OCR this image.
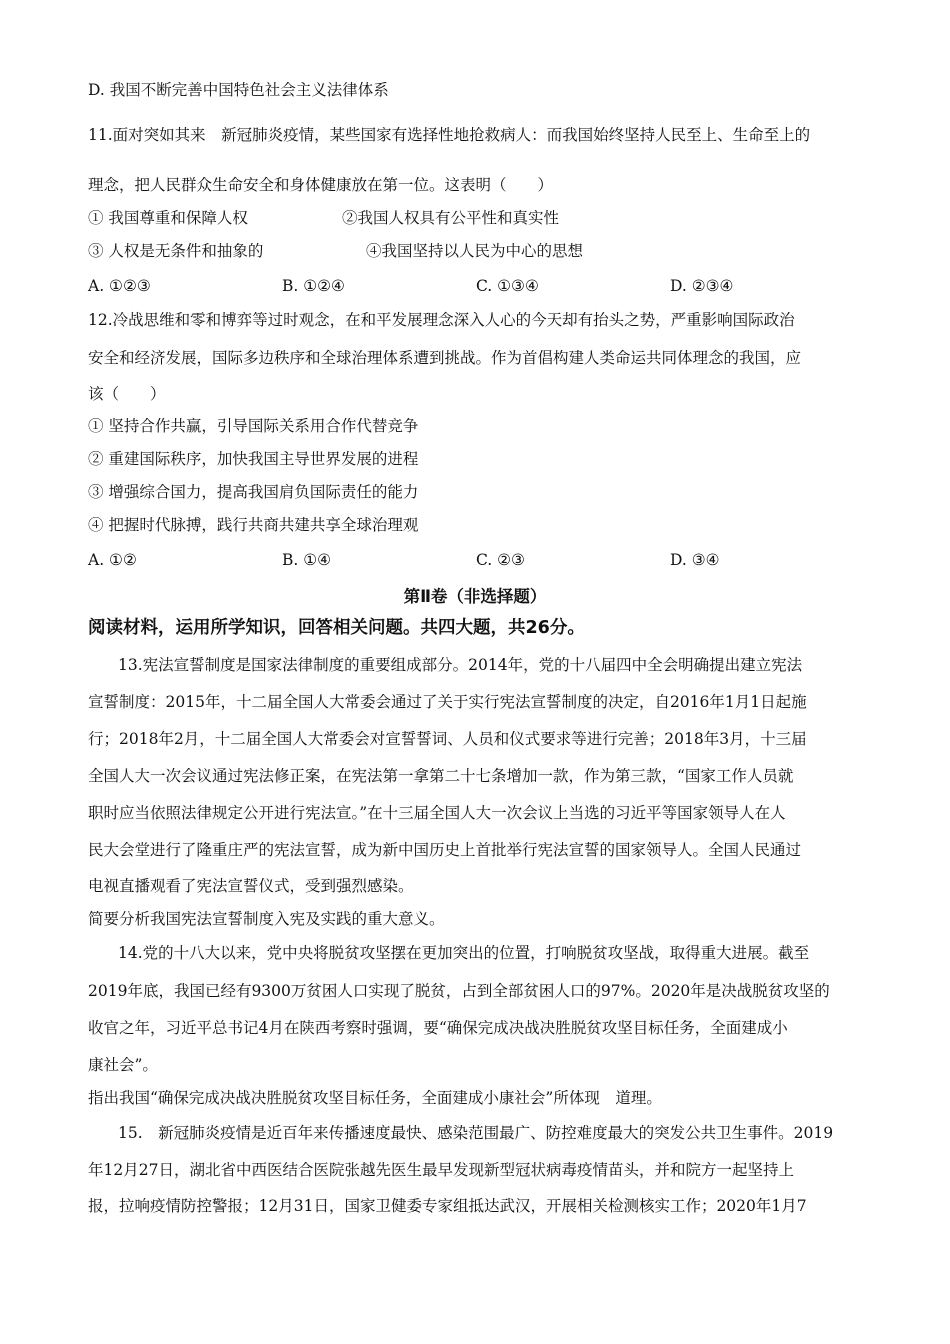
D. 我国不断完善中国特色社会主义法律体系
11.面对突如其来　新冠肺炎疫情，某些国家有选择性地抢救病人：而我国始终坚持人民至上、生命至上的
理念，把人民群众生命安全和身体健康放在第一位。这表明（　　）
① 我国尊重和保障人权	②我国人权具有公平性和真实性
③ 人权是无条件和抽象的	④我国坚持以人民为中心的思想
A. ①②③	B. ①②④	C. ①③④	D. ②③④
12.冷战思维和零和博弈等过时观念，在和平发展理念深入人心的今天却有抬头之势，严重影响国际政治
安全和经济发展，国际多边秩序和全球治理体系遭到挑战。作为首倡构建人类命运共同体理念的我国，应
该（　　）
① 坚持合作共赢，引导国际关系用合作代替竞争
② 重建国际秩序，加快我国主导世界发展的进程
③ 增强综合国力，提高我国肩负国际责任的能力
④ 把握时代脉搏，践行共商共建共享全球治理观
A. ①②	B. ①④	C. ②③	D. ③④
第Ⅱ卷（非选择题）
阅读材料，运用所学知识，回答相关问题。共四大题，共26分。
13.宪法宣誓制度是国家法律制度的重要组成部分。2014年，党的十八届四中全会明确提出建立宪法
宣誓制度：2015年，十二届全国人大常委会通过了关于实行宪法宣誓制度的决定，自2016年1月1日起施
行；2018年2月，十二届全国人大常委会对宣誓誓词、人员和仪式要求等进行完善；2018年3月，十三届
全国人大一次会议通过宪法修正案，在宪法第一拿第二十七条增加一款，作为第三款，“国家工作人员就
职时应当依照法律规定公开进行宪法宣。”在十三届全国人大一次会议上当选的习近平等国家领导人在人
民大会堂进行了隆重庄严的宪法宣誓，成为新中国历史上首批举行宪法宣誓的国家领导人。全国人民通过
电视直播观看了宪法宣誓仪式，受到强烈感染。
简要分析我国宪法宣誓制度入宪及实践的重大意义。
14.党的十八大以来，党中央将脱贫攻坚摆在更加突出的位置，打响脱贫攻坚战，取得重大进展。截至
2019年底，我国已经有9300万贫困人口实现了脱贫，占到全部贫困人口的97%。2020年是决战脱贫攻坚的
收官之年，习近平总书记4月在陕西考察时强调，要“确保完成决战决胜脱贫攻坚目标任务，全面建成小
康社会”。
指出我国“确保完成决战决胜脱贫攻坚目标任务，全面建成小康社会”所体现　道理。
15.　新冠肺炎疫情是近百年来传播速度最快、感染范围最广、防控难度最大的突发公共卫生事件。2019
年12月27日，湖北省中西医结合医院张越先医生最早发现新型冠状病毒疫情苗头，并和院方一起坚持上
报，拉响疫情防控警报；12月31日，国家卫健委专家组抵达武汉，开展相关检测核实工作；2020年1月7
